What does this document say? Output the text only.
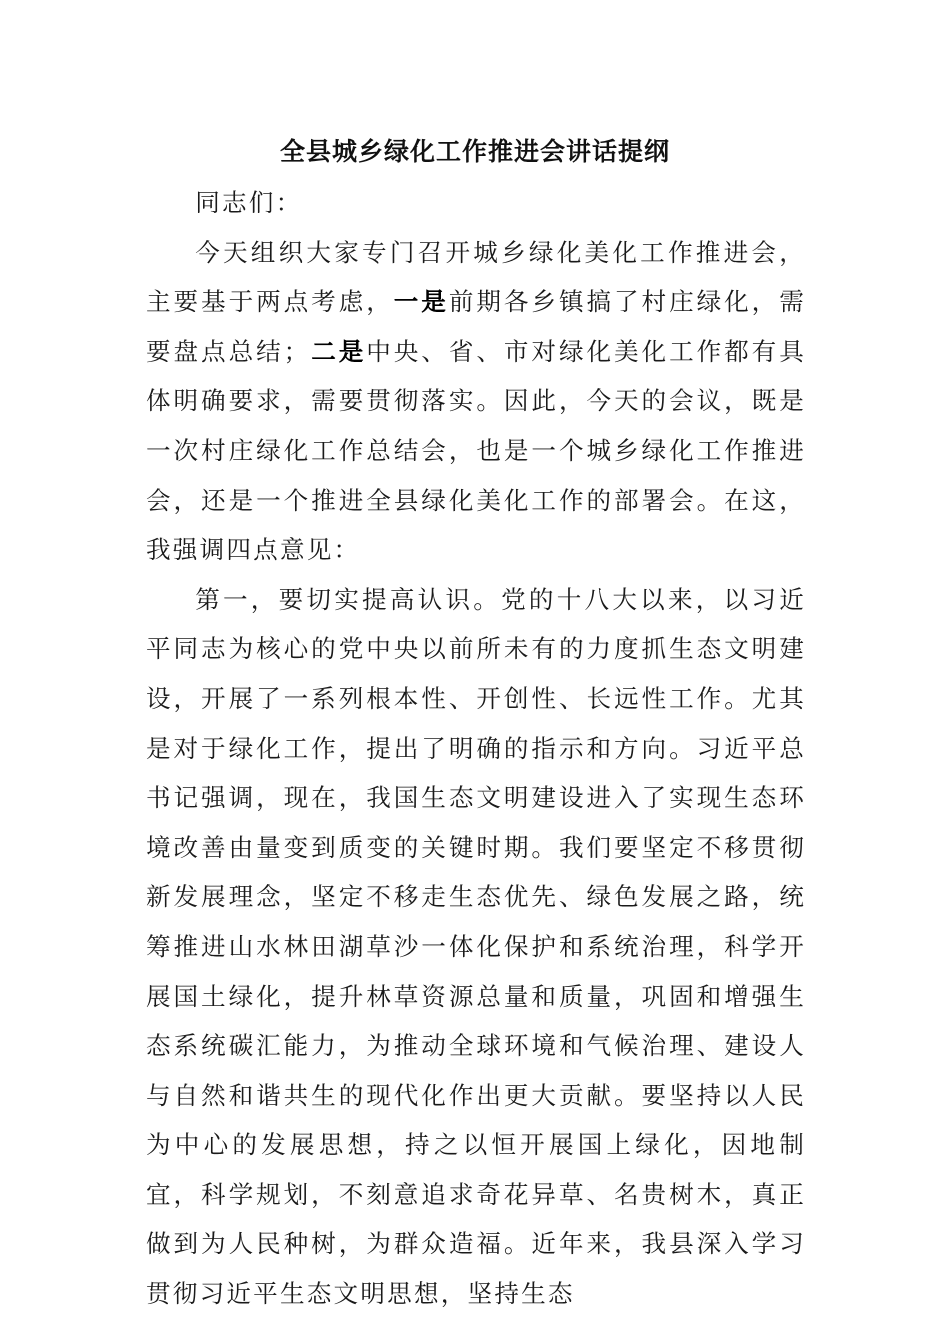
全县城乡绿化工作推进会讲话提纲

同志们：

今天组织大家专门召开城乡绿化美化工作推进会，主要基于两点考虑，一是前期各乡镇搞了村庄绿化，需要盘点总结；二是中央、省、市对绿化美化工作都有具体明确要求，需要贯彻落实。因此，今天的会议，既是一次村庄绿化工作总结会，也是一个城乡绿化工作推进会，还是一个推进全县绿化美化工作的部署会。在这，我强调四点意见：

第一，要切实提高认识。党的十八大以来，以习近平同志为核心的党中央以前所未有的力度抓生态文明建设，开展了一系列根本性、开创性、长远性工作。尤其是对于绿化工作，提出了明确的指示和方向。习近平总书记强调，现在，我国生态文明建设进入了实现生态环境改善由量变到质变的关键时期。我们要坚定不移贯彻新发展理念，坚定不移走生态优先、绿色发展之路，统筹推进山水林田湖草沙一体化保护和系统治理，科学开展国土绿化，提升林草资源总量和质量，巩固和增强生态系统碳汇能力，为推动全球环境和气候治理、建设人与自然和谐共生的现代化作出更大贡献。要坚持以人民为中心的发展思想，持之以恒开展国上绿化，因地制宜，科学规划，不刻意追求奇花异草、名贵树木，真正做到为人民种树，为群众造福。近年来，我县深入学习贯彻习近平生态文明思想，坚持生态
